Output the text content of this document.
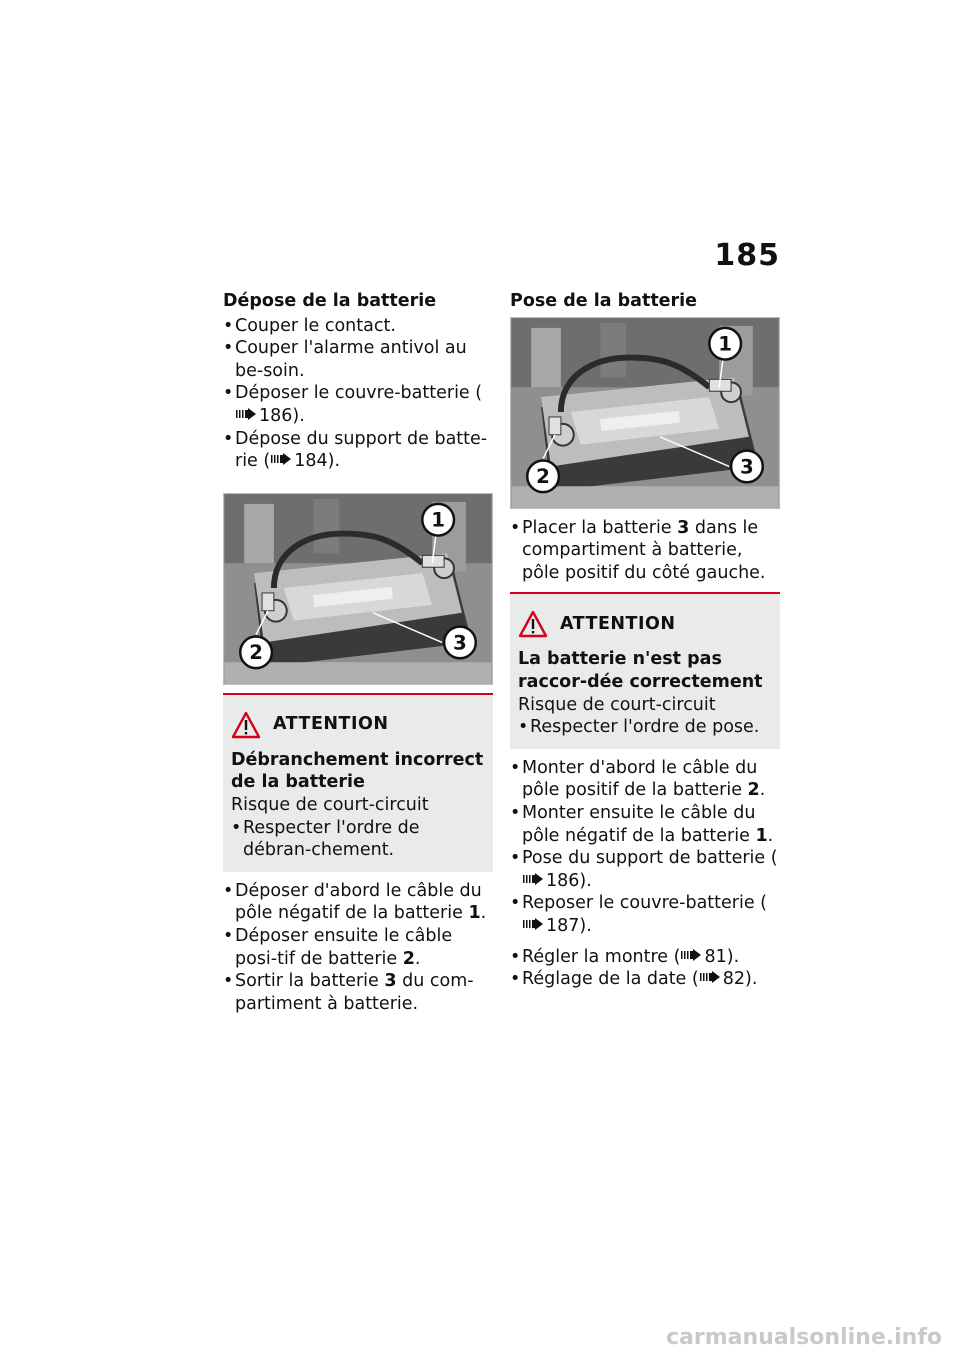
185
Dépose de la batterie
• Couper le contact.
• Couper l'alarme antivol au be-soin.
• Déposer le couvre-batterie (186).
• Dépose du support de batte-rie ( 184).
1
2	3
ATTENTION
Débranchement incorrect de la batterie
Risque de court-circuit
• Respecter l'ordre de débran-chement.
• Déposer d'abord le câble du pôle négatif de la batterie 1.
• Déposer ensuite le câble posi-tif de batterie 2.
• Sortir la batterie 3 du com-partiment à batterie.
Pose de la batterie
1
2	3
• Placer la batterie 3 dans le compartiment à batterie, pôle positif du côté gauche.
ATTENTION
La batterie n'est pas raccor-dée correctement
Risque de court-circuit
• Respecter l'ordre de pose.
• Monter d'abord le câble du pôle positif de la batterie 2.
• Monter ensuite le câble du pôle négatif de la batterie 1.
• Pose du support de batterie (186).
• Reposer le couvre-batterie (187).
• Régler la montre ( 81).
• Réglage de la date ( 82).
carmanualsonline.info
